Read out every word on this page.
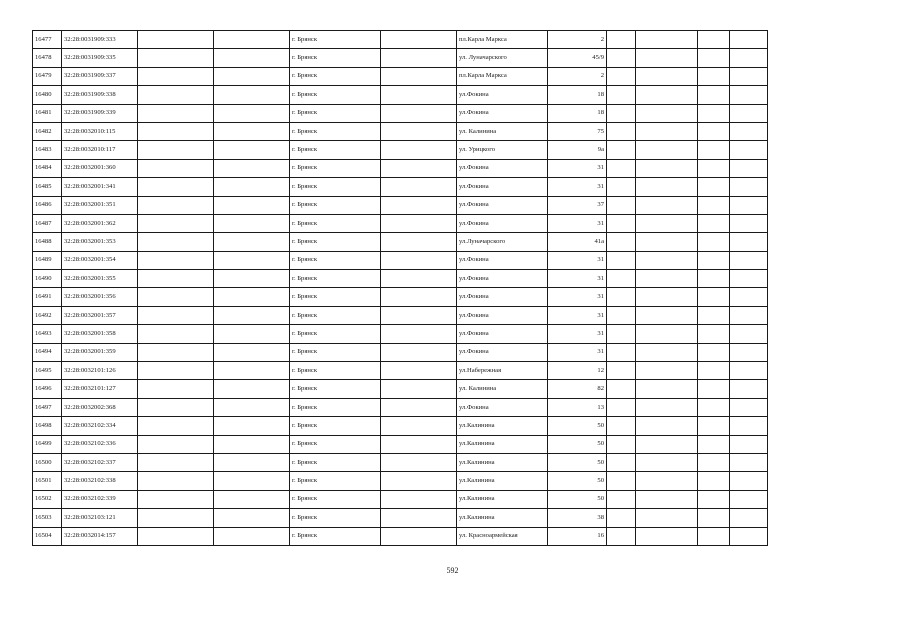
16477	32:28:0031909:333			г. Брянск		пл.Карла Маркса	2				
16478	32:28:0031909:335			г. Брянск		ул. Луначарского	45/9				
16479	32:28:0031909:337			г. Брянск		пл.Карла Маркса	2				
16480	32:28:0031909:338			г. Брянск		ул.Фокина	18				
16481	32:28:0031909:339			г. Брянск		ул.Фокина	18				
16482	32:28:0032010:115			г. Брянск		ул. Калинина	75				
16483	32:28:0032010:117			г. Брянск		ул. Урицкого	9а				
16484	32:28:0032001:360			г. Брянск		ул.Фокина	31				
16485	32:28:0032001:341			г. Брянск		ул.Фокина	31				
16486	32:28:0032001:351			г. Брянск		ул.Фокина	37				
16487	32:28:0032001:362			г. Брянск		ул.Фокина	31				
16488	32:28:0032001:353			г. Брянск		ул.Луначарского	41а				
16489	32:28:0032001:354			г. Брянск		ул.Фокина	31				
16490	32:28:0032001:355			г. Брянск		ул.Фокина	31				
16491	32:28:0032001:356			г. Брянск		ул.Фокина	31				
16492	32:28:0032001:357			г. Брянск		ул.Фокина	31				
16493	32:28:0032001:358			г. Брянск		ул.Фокина	31				
16494	32:28:0032001:359			г. Брянск		ул.Фокина	31				
16495	32:28:0032101:126			г. Брянск		ул.Набережная	12				
16496	32:28:0032101:127			г. Брянск		ул. Калинина	82				
16497	32:28:0032002:368			г. Брянск		ул.Фокина	13				
16498	32:28:0032102:334			г. Брянск		ул.Калинина	50				
16499	32:28:0032102:336			г. Брянск		ул.Калинина	50				
16500	32:28:0032102:337			г. Брянск		ул.Калинина	50				
16501	32:28:0032102:338			г. Брянск		ул.Калинина	50				
16502	32:28:0032102:339			г. Брянск		ул.Калинина	50				
16503	32:28:0032103:121			г. Брянск		ул.Калинина	38				
16504	32:28:0032014:157			г. Брянск		ул. Красноармейская	16				
592
